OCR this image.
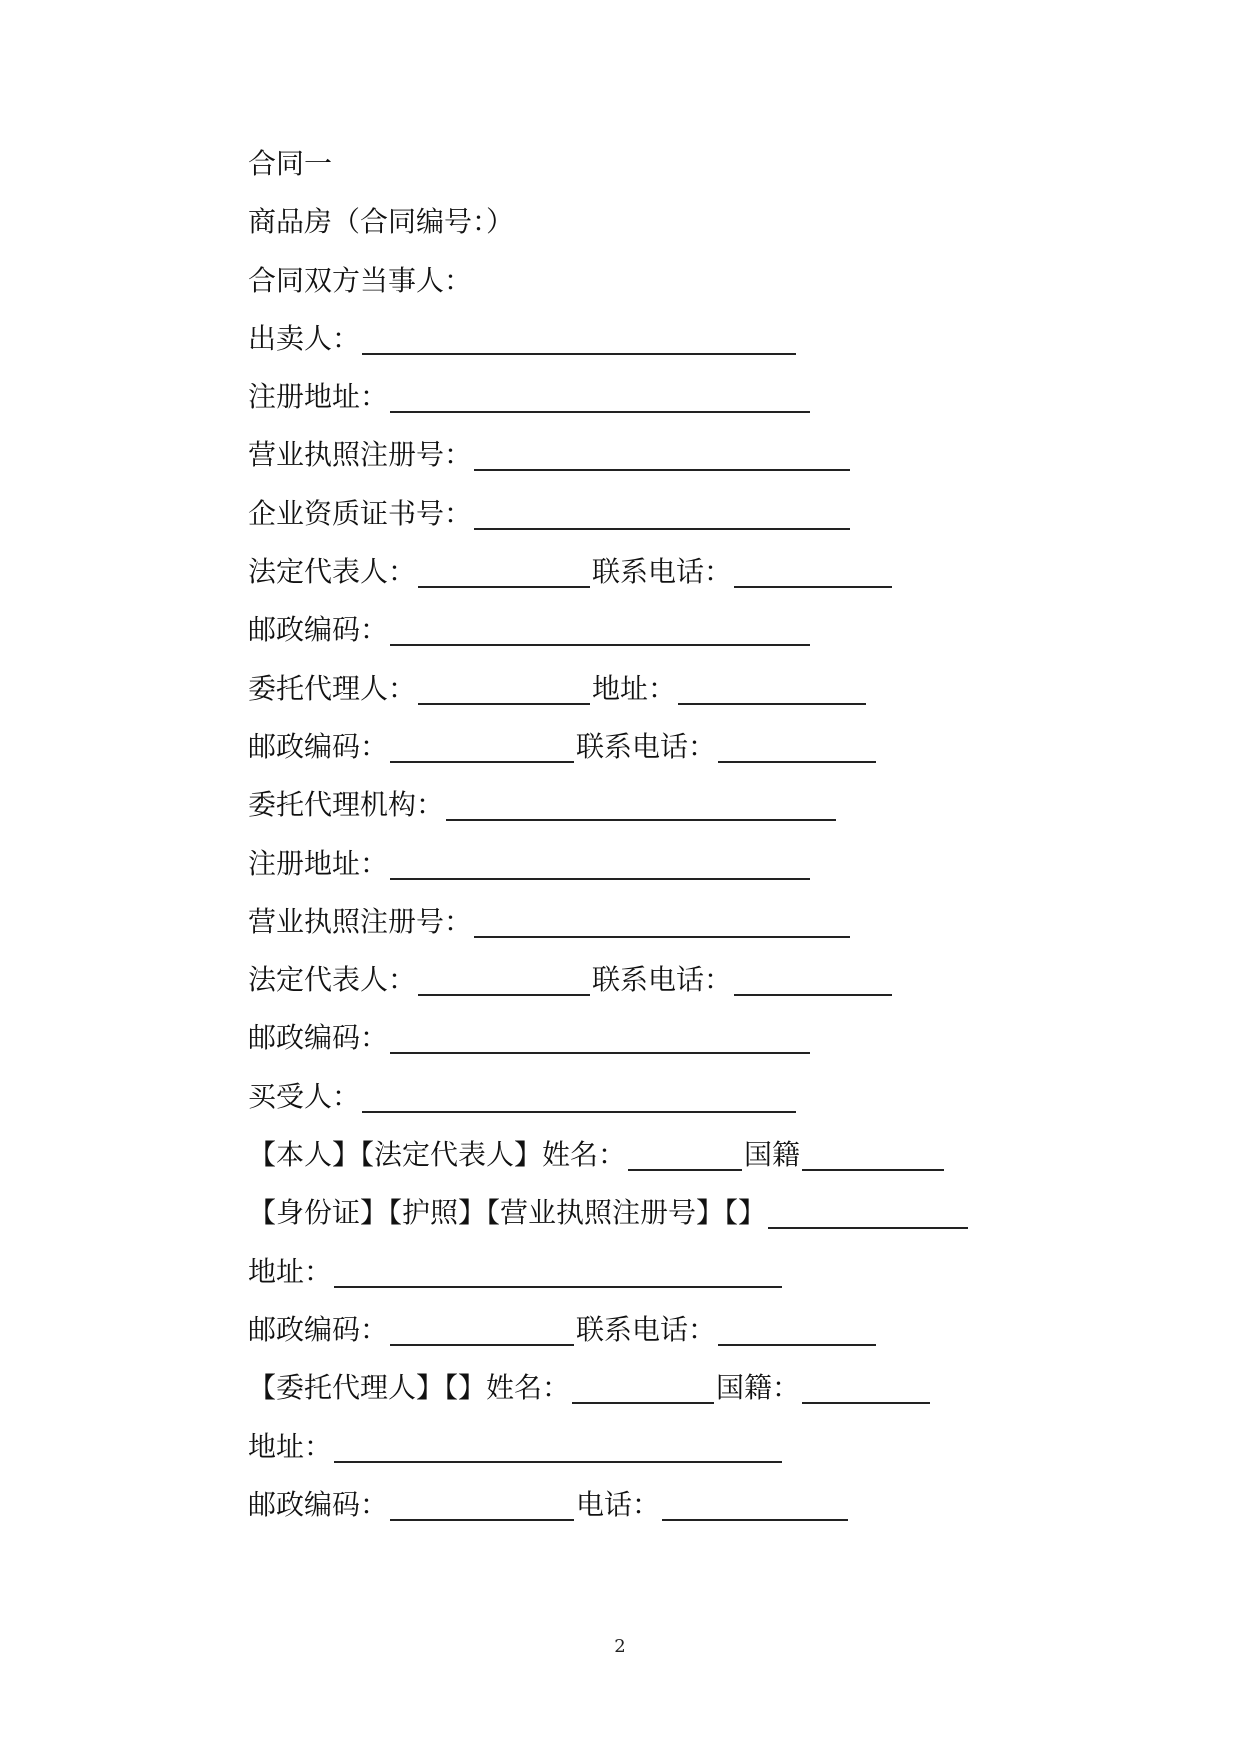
合同一
商品房（合同编号：）
合同双方当事人：
出卖人：
注册地址：
营业执照注册号：
企业资质证书号：
法定代表人：	联系电话：
邮政编码：
委托代理人：	地址：
邮政编码：	联系电话：
委托代理机构：
注册地址：
营业执照注册号：
法定代表人：	联系电话：
邮政编码：
买受人：
【本人】【法定代表人】姓名：	国籍
【身份证】【护照】【营业执照注册号】【】
地址：
邮政编码：	联系电话：
【委托代理人】【】姓名：	国籍：
地址：
邮政编码：	电话：
2
